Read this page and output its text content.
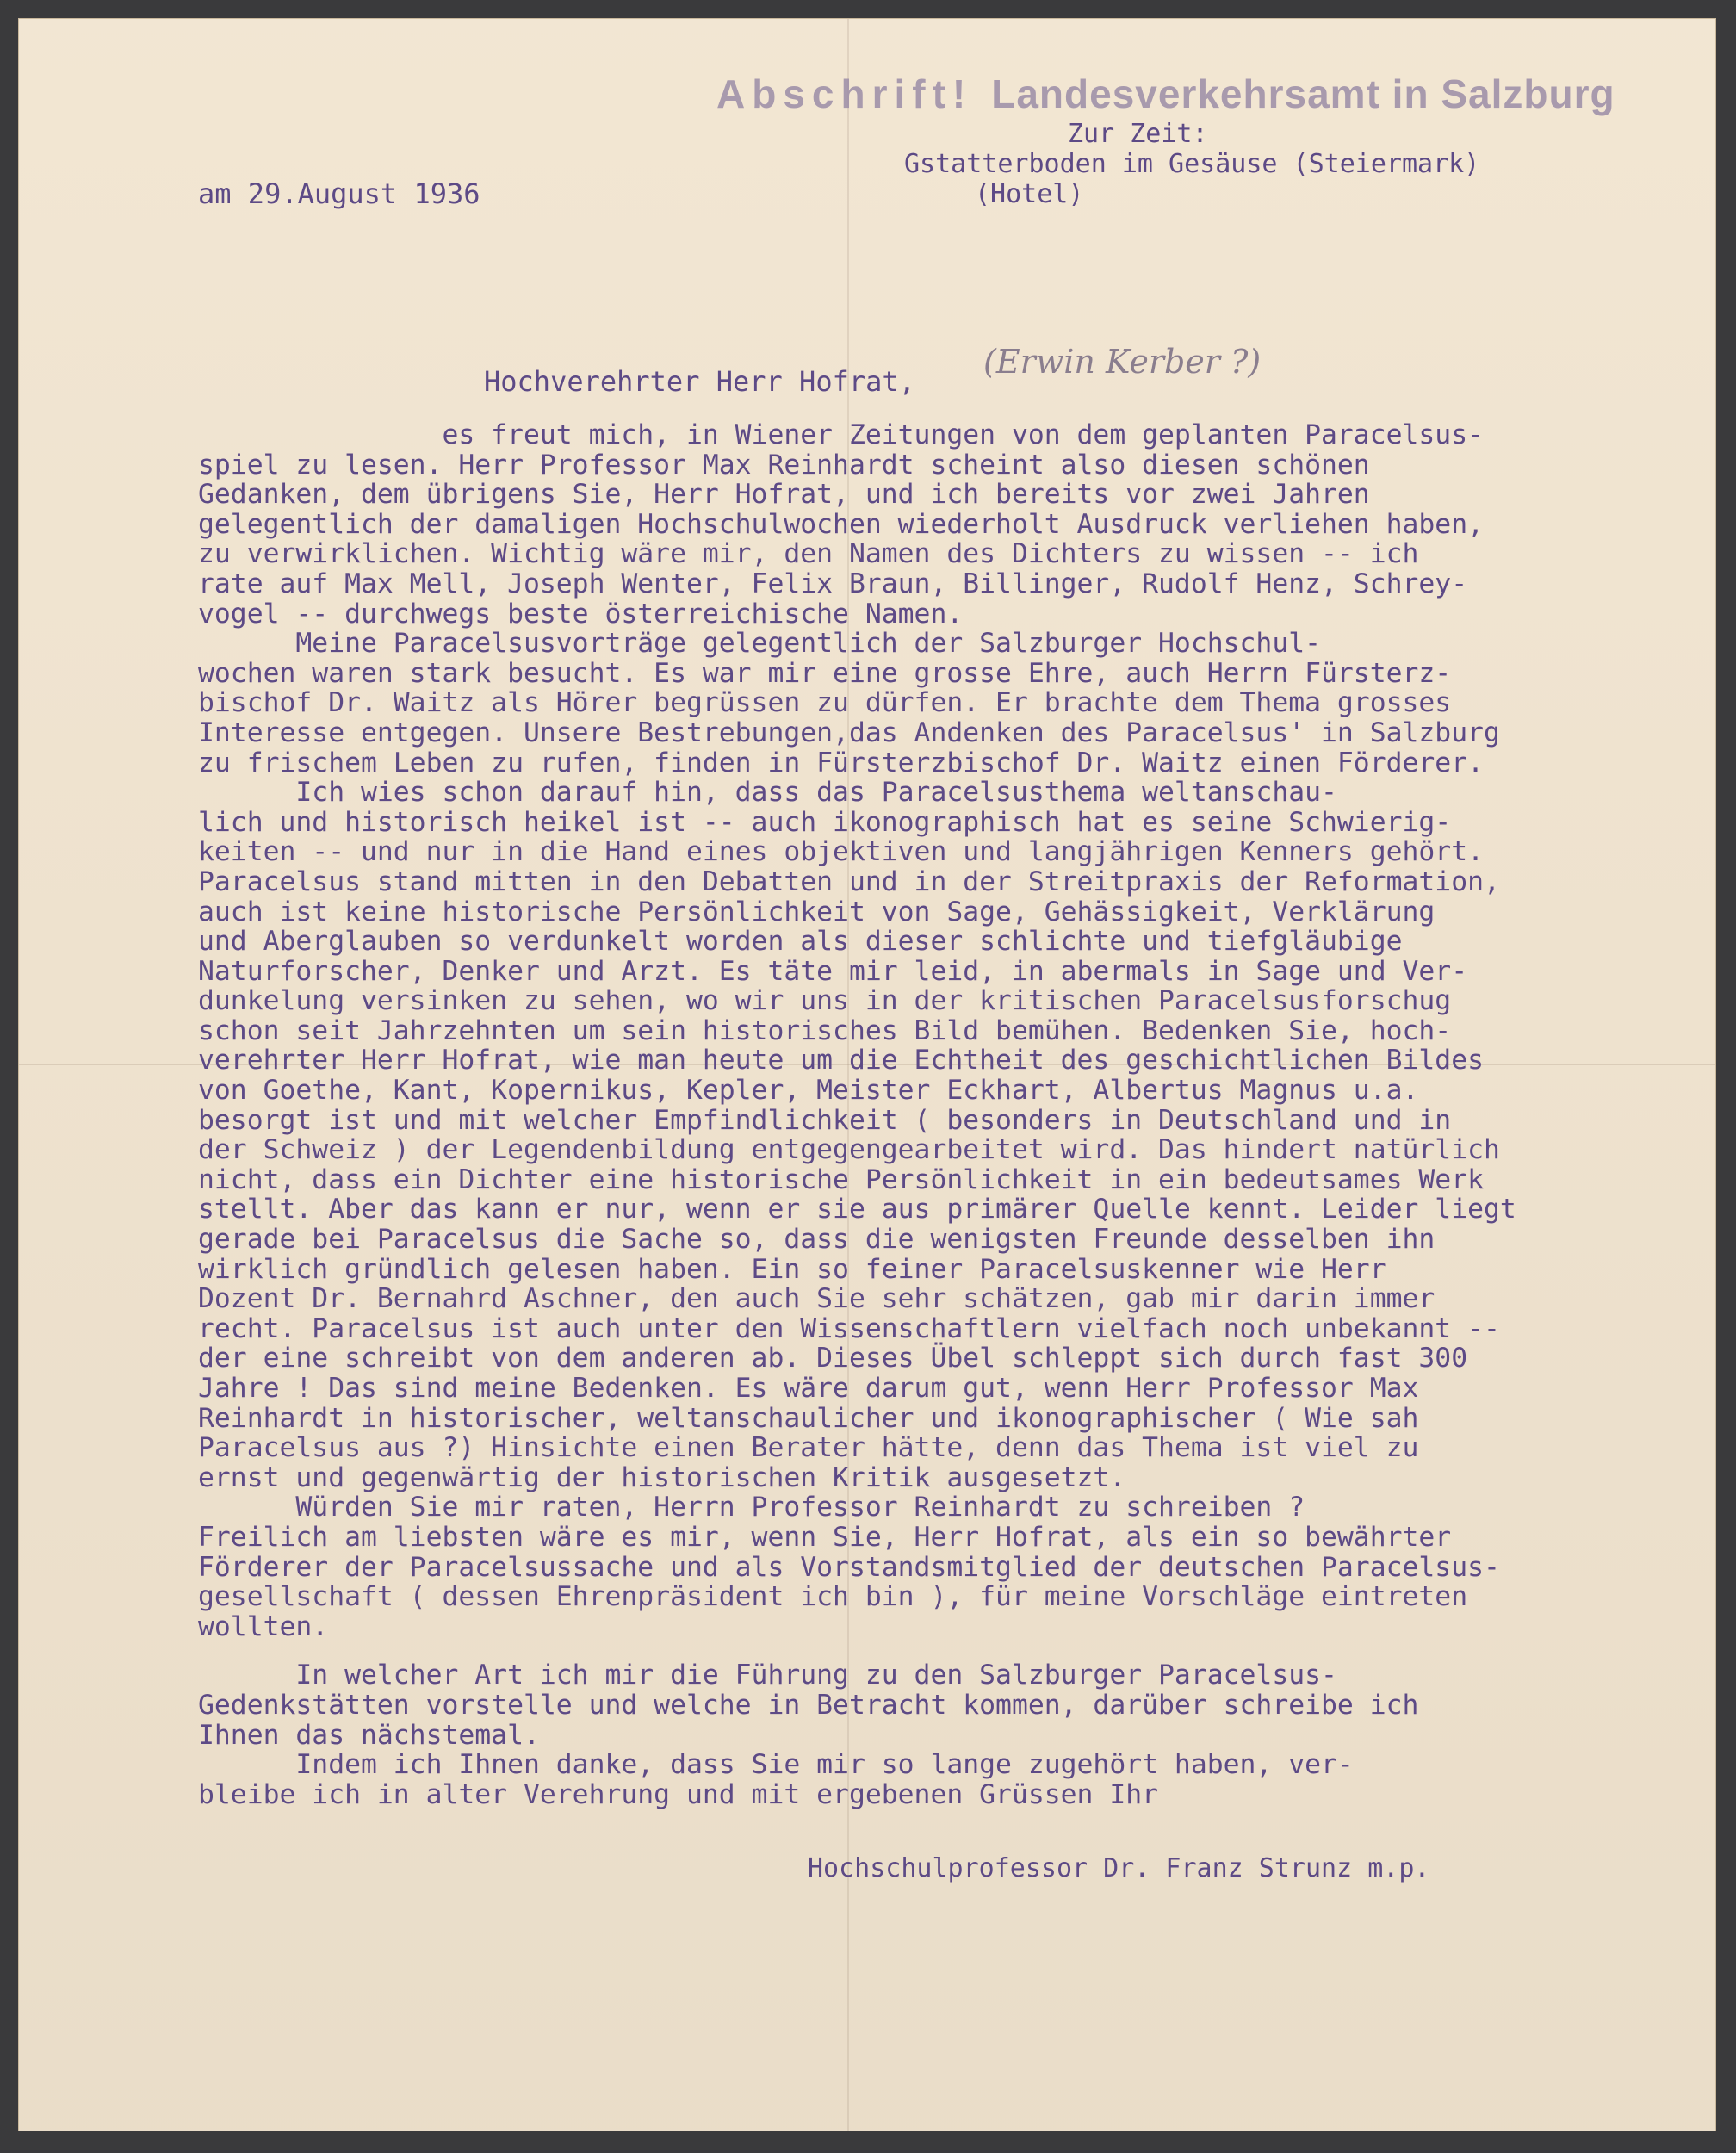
Abschrift! Landesverkehrsamt in Salzburg
Zur Zeit:
Gstatterboden im Gesäuse (Steiermark)
(Hotel)
am 29.August 1936
Hochverehrter Herr Hofrat,
(Erwin Kerber ?)
es freut mich, in Wiener Zeitungen von dem geplanten Paracelsus-
spiel zu lesen. Herr Professor Max Reinhardt scheint also diesen schönen
Gedanken, dem übrigens Sie, Herr Hofrat, und ich bereits vor zwei Jahren
gelegentlich der damaligen Hochschulwochen wiederholt Ausdruck verliehen haben,
zu verwirklichen. Wichtig wäre mir, den Namen des Dichters zu wissen -- ich
rate auf Max Mell, Joseph Wenter, Felix Braun, Billinger, Rudolf Henz, Schrey-
vogel -- durchwegs beste österreichische Namen.
Meine Paracelsusvorträge gelegentlich der Salzburger Hochschul-
wochen waren stark besucht. Es war mir eine grosse Ehre, auch Herrn Fürsterz-
bischof Dr. Waitz als Hörer begrüssen zu dürfen. Er brachte dem Thema grosses
Interesse entgegen. Unsere Bestrebungen,das Andenken des Paracelsus' in Salzburg
zu frischem Leben zu rufen, finden in Fürsterzbischof Dr. Waitz einen Förderer.
Ich wies schon darauf hin, dass das Paracelsusthema weltanschau-
lich und historisch heikel ist -- auch ikonographisch hat es seine Schwierig-
keiten -- und nur in die Hand eines objektiven und langjährigen Kenners gehört.
Paracelsus stand mitten in den Debatten und in der Streitpraxis der Reformation,
auch ist keine historische Persönlichkeit von Sage, Gehässigkeit, Verklärung
und Aberglauben so verdunkelt worden als dieser schlichte und tiefgläubige
Naturforscher, Denker und Arzt. Es täte mir leid, in abermals in Sage und Ver-
dunkelung versinken zu sehen, wo wir uns in der kritischen Paracelsusforschug
schon seit Jahrzehnten um sein historisches Bild bemühen. Bedenken Sie, hoch-
verehrter Herr Hofrat, wie man heute um die Echtheit des geschichtlichen Bildes
von Goethe, Kant, Kopernikus, Kepler, Meister Eckhart, Albertus Magnus u.a.
besorgt ist und mit welcher Empfindlichkeit ( besonders in Deutschland und in
der Schweiz ) der Legendenbildung entgegengearbeitet wird. Das hindert natürlich
nicht, dass ein Dichter eine historische Persönlichkeit in ein bedeutsames Werk
stellt. Aber das kann er nur, wenn er sie aus primärer Quelle kennt. Leider liegt
gerade bei Paracelsus die Sache so, dass die wenigsten Freunde desselben ihn
wirklich gründlich gelesen haben. Ein so feiner Paracelsuskenner wie Herr
Dozent Dr. Bernahrd Aschner, den auch Sie sehr schätzen, gab mir darin immer
recht. Paracelsus ist auch unter den Wissenschaftlern vielfach noch unbekannt --
der eine schreibt von dem anderen ab. Dieses Übel schleppt sich durch fast 300
Jahre ! Das sind meine Bedenken. Es wäre darum gut, wenn Herr Professor Max
Reinhardt in historischer, weltanschaulicher und ikonographischer ( Wie sah
Paracelsus aus ?) Hinsichte einen Berater hätte, denn das Thema ist viel zu
ernst und gegenwärtig der historischen Kritik ausgesetzt.
Würden Sie mir raten, Herrn Professor Reinhardt zu schreiben ?
Freilich am liebsten wäre es mir, wenn Sie, Herr Hofrat, als ein so bewährter
Förderer der Paracelsussache und als Vorstandsmitglied der deutschen Paracelsus-
gesellschaft ( dessen Ehrenpräsident ich bin ), für meine Vorschläge eintreten
wollten.
In welcher Art ich mir die Führung zu den Salzburger Paracelsus-
Gedenkstätten vorstelle und welche in Betracht kommen, darüber schreibe ich
Ihnen das nächstemal.
Indem ich Ihnen danke, dass Sie mir so lange zugehört haben, ver-
bleibe ich in alter Verehrung und mit ergebenen Grüssen Ihr
Hochschulprofessor Dr. Franz Strunz m.p.
